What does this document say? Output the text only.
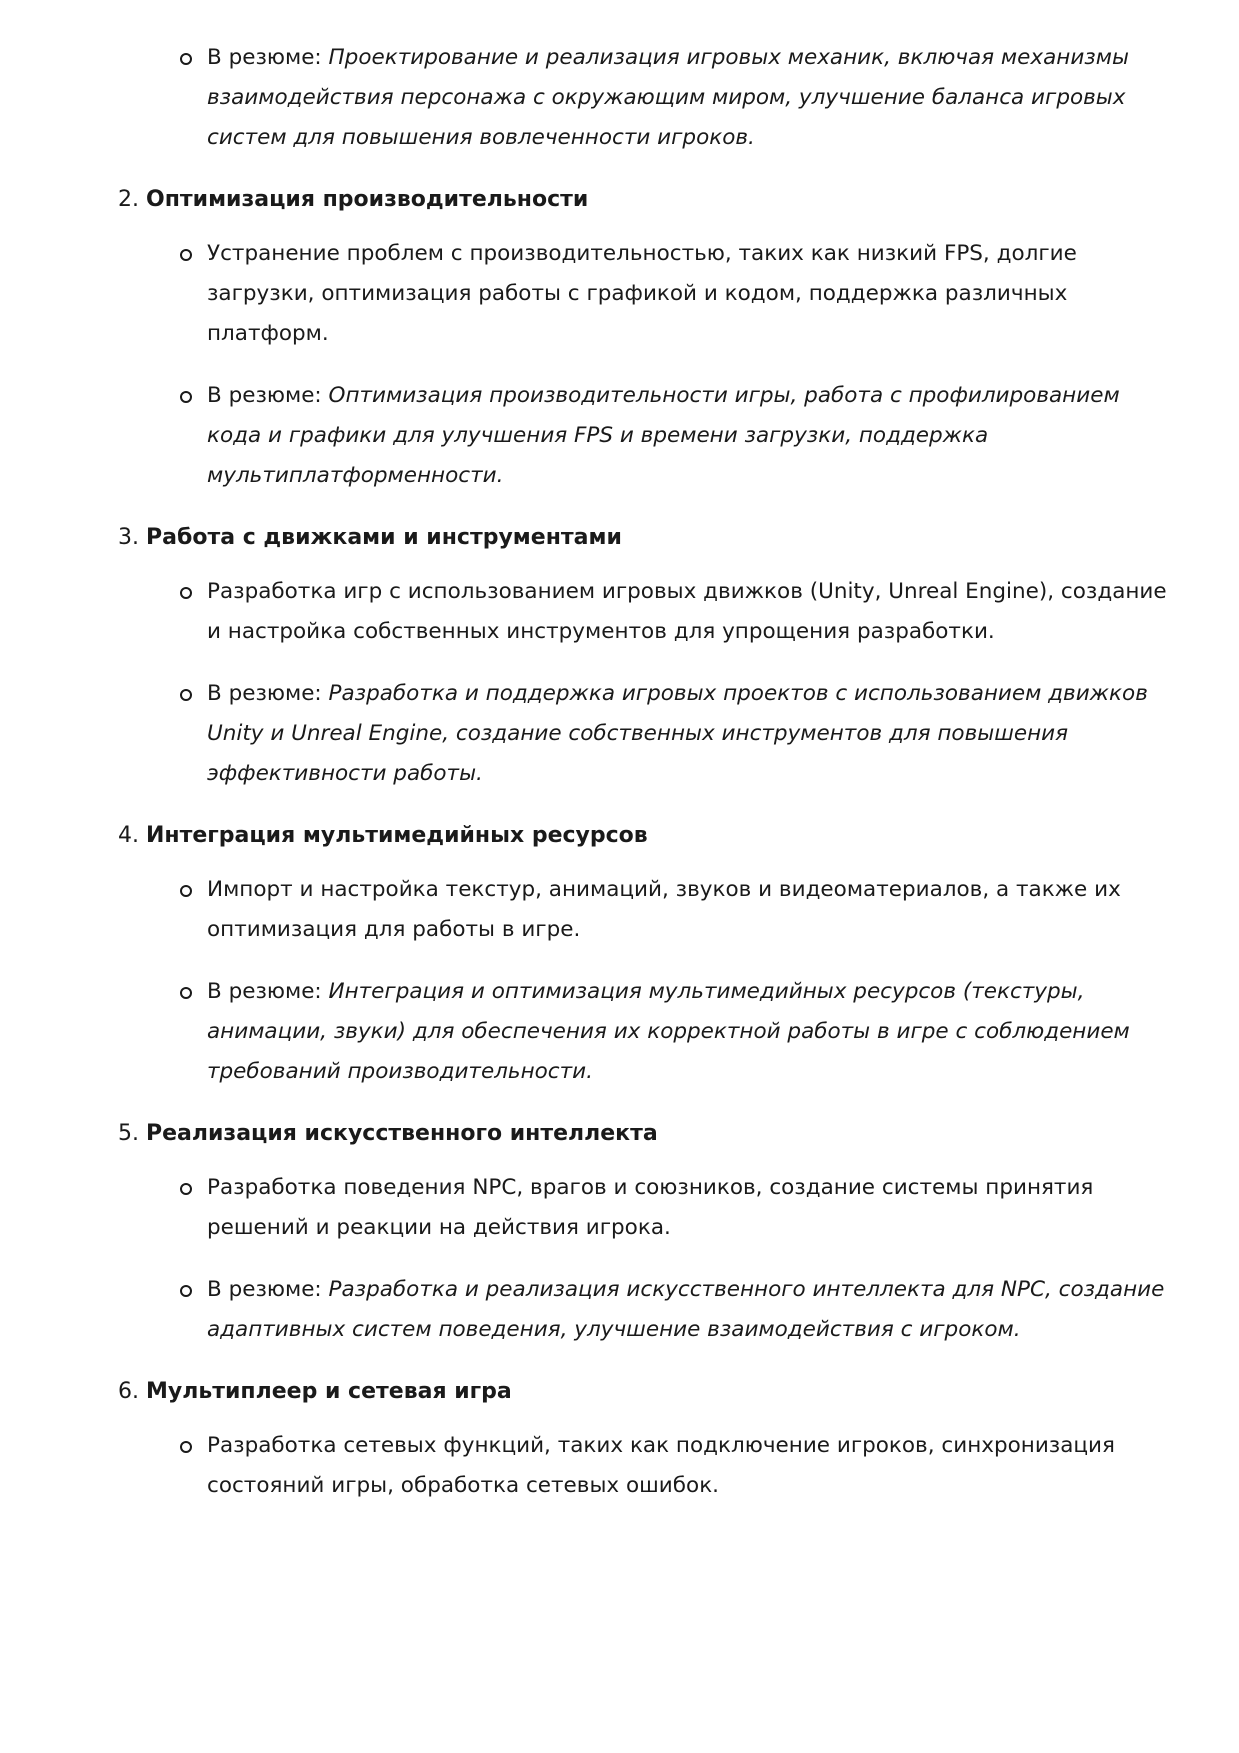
В резюме: Проектирование и реализация игровых механик, включая механизмы взаимодействия персонажа с окружающим миром, улучшение баланса игровых систем для повышения вовлеченности игроков.
2. Оптимизация производительности
Устранение проблем с производительностью, таких как низкий FPS, долгие загрузки, оптимизация работы с графикой и кодом, поддержка различных платформ.
В резюме: Оптимизация производительности игры, работа с профилированием кода и графики для улучшения FPS и времени загрузки, поддержка мультиплатформенности.
3. Работа с движками и инструментами
Разработка игр с использованием игровых движков (Unity, Unreal Engine), создание и настройка собственных инструментов для упрощения разработки.
В резюме: Разработка и поддержка игровых проектов с использованием движков Unity и Unreal Engine, создание собственных инструментов для повышения эффективности работы.
4. Интеграция мультимедийных ресурсов
Импорт и настройка текстур, анимаций, звуков и видеоматериалов, а также их оптимизация для работы в игре.
В резюме: Интеграция и оптимизация мультимедийных ресурсов (текстуры, анимации, звуки) для обеспечения их корректной работы в игре с соблюдением требований производительности.
5. Реализация искусственного интеллекта
Разработка поведения NPC, врагов и союзников, создание системы принятия решений и реакции на действия игрока.
В резюме: Разработка и реализация искусственного интеллекта для NPC, создание адаптивных систем поведения, улучшение взаимодействия с игроком.
6. Мультиплеер и сетевая игра
Разработка сетевых функций, таких как подключение игроков, синхронизация состояний игры, обработка сетевых ошибок.
